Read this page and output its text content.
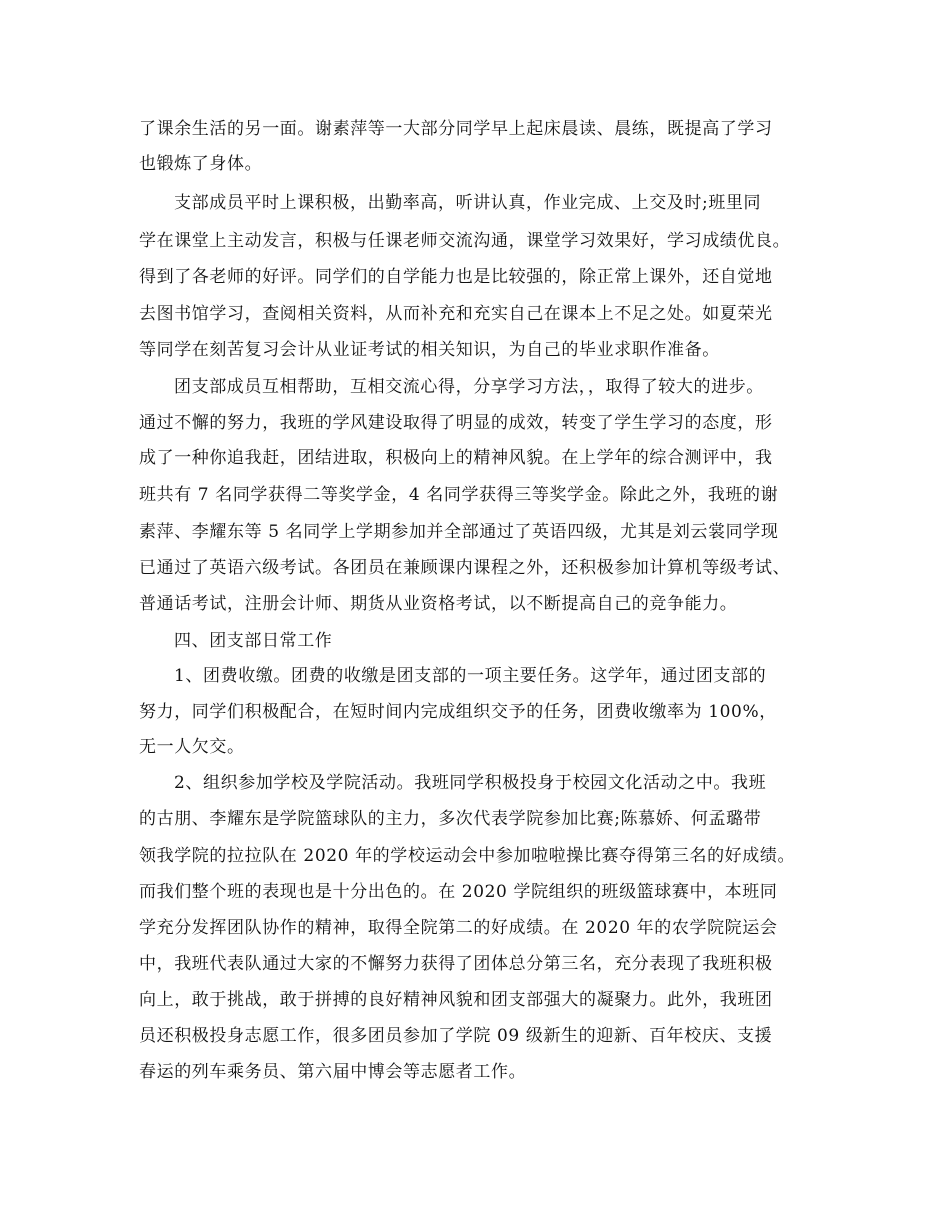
了课余生活的另一面。谢素萍等一大部分同学早上起床晨读、晨练，既提高了学习

也锻炼了身体。

支部成员平时上课积极，出勤率高，听讲认真，作业完成、上交及时;班里同

学在课堂上主动发言，积极与任课老师交流沟通，课堂学习效果好，学习成绩优良。

得到了各老师的好评。同学们的自学能力也是比较强的，除正常上课外，还自觉地

去图书馆学习，查阅相关资料，从而补充和充实自己在课本上不足之处。如夏荣光

等同学在刻苦复习会计从业证考试的相关知识，为自己的毕业求职作准备。

团支部成员互相帮助，互相交流心得，分享学习方法，，取得了较大的进步。

通过不懈的努力，我班的学风建设取得了明显的成效，转变了学生学习的态度，形

成了一种你追我赶，团结进取，积极向上的精神风貌。在上学年的综合测评中，我

班共有 7 名同学获得二等奖学金，4 名同学获得三等奖学金。除此之外，我班的谢

素萍、李耀东等 5 名同学上学期参加并全部通过了英语四级，尤其是刘云裳同学现

已通过了英语六级考试。各团员在兼顾课内课程之外，还积极参加计算机等级考试、

普通话考试，注册会计师、期货从业资格考试，以不断提高自己的竞争能力。

四、团支部日常工作

1、团费收缴。团费的收缴是团支部的一项主要任务。这学年，通过团支部的

努力，同学们积极配合，在短时间内完成组织交予的任务，团费收缴率为 100%，

无一人欠交。

2、组织参加学校及学院活动。我班同学积极投身于校园文化活动之中。我班

的古朋、李耀东是学院篮球队的主力，多次代表学院参加比赛;陈慕娇、何孟璐带

领我学院的拉拉队在 2020 年的学校运动会中参加啦啦操比赛夺得第三名的好成绩。

而我们整个班的表现也是十分出色的。在 2020 学院组织的班级篮球赛中，本班同

学充分发挥团队协作的精神，取得全院第二的好成绩。在 2020 年的农学院院运会

中，我班代表队通过大家的不懈努力获得了团体总分第三名，充分表现了我班积极

向上，敢于挑战，敢于拼搏的良好精神风貌和团支部强大的凝聚力。此外，我班团

员还积极投身志愿工作，很多团员参加了学院 09 级新生的迎新、百年校庆、支援

春运的列车乘务员、第六届中博会等志愿者工作。
